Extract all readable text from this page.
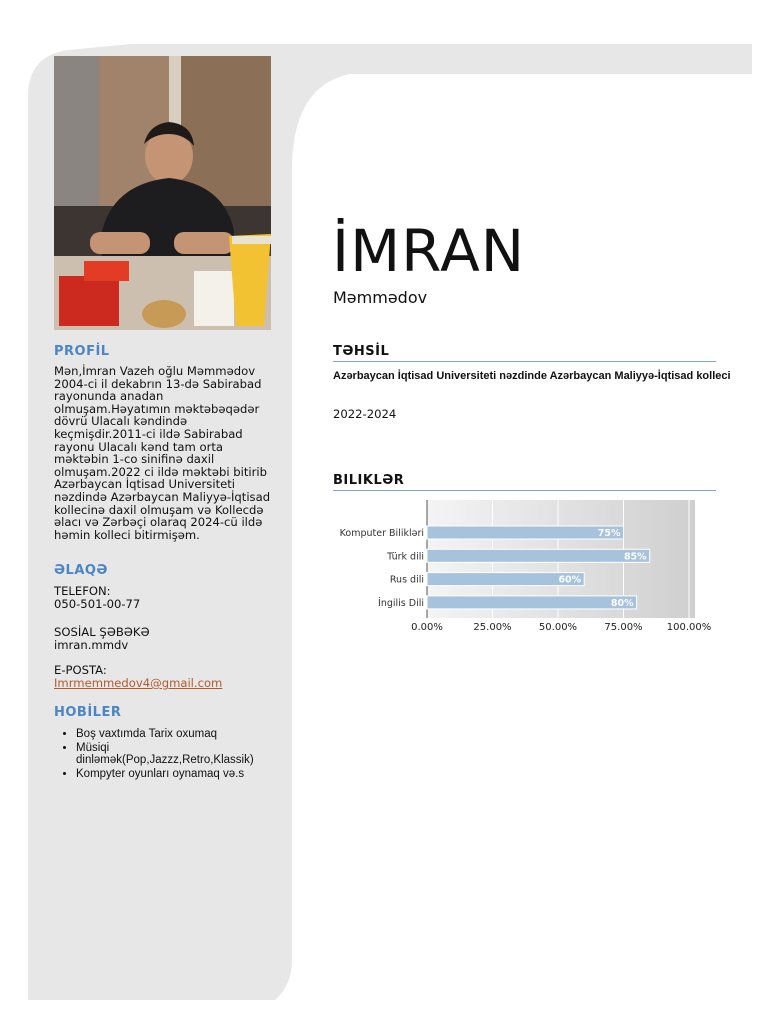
PROFİL
Mən,İmran Vazeh oğlu Məmmədov 2004-ci il dekabrın 13-də Sabirabad rayonunda anadan olmuşam.Həyatımın məktəbəqədər dövrü Ulacalı kəndində keçmişdir.2011-ci ildə Sabirabad rayonu Ulacalı kənd tam orta məktəbin 1-co sinifinə daxil olmuşam.2022 ci ildə məktəbi bitirib Azərbaycan İqtisad Universiteti nəzdində Azərbaycan Maliyyə-İqtisad kollecinə daxil olmuşam və Kollecdə əlacı və Zərbəçi olaraq 2024-cü ildə həmin kolleci bitirmişəm.
ƏLAQƏ
TELEFON:
050-501-00-77
SOSİAL ŞƏBƏKƏ
imran.mmdv
E-POSTA:
Imrmemmedov4@gmail.com
HOBİLER
• Boş vaxtımda Tarix oxumaq
• Müsiqi dinləmək(Pop,Jazzz,Retro,Klassik)
• Kompyter oyunları oynamaq və.s
İMRAN
Məmmədov
TƏHSİL
Azərbaycan İqtisad Universiteti nəzdinde Azərbaycan Maliyyə-İqtisad kolleci
2022-2024
BILIKLƏR
0.00%	25.00%	50.00%	75.00% 100.00%
Komputer Bilikləri	75%
Türk dili	85%
Rus dili	60%
İngilis Dili	80%
